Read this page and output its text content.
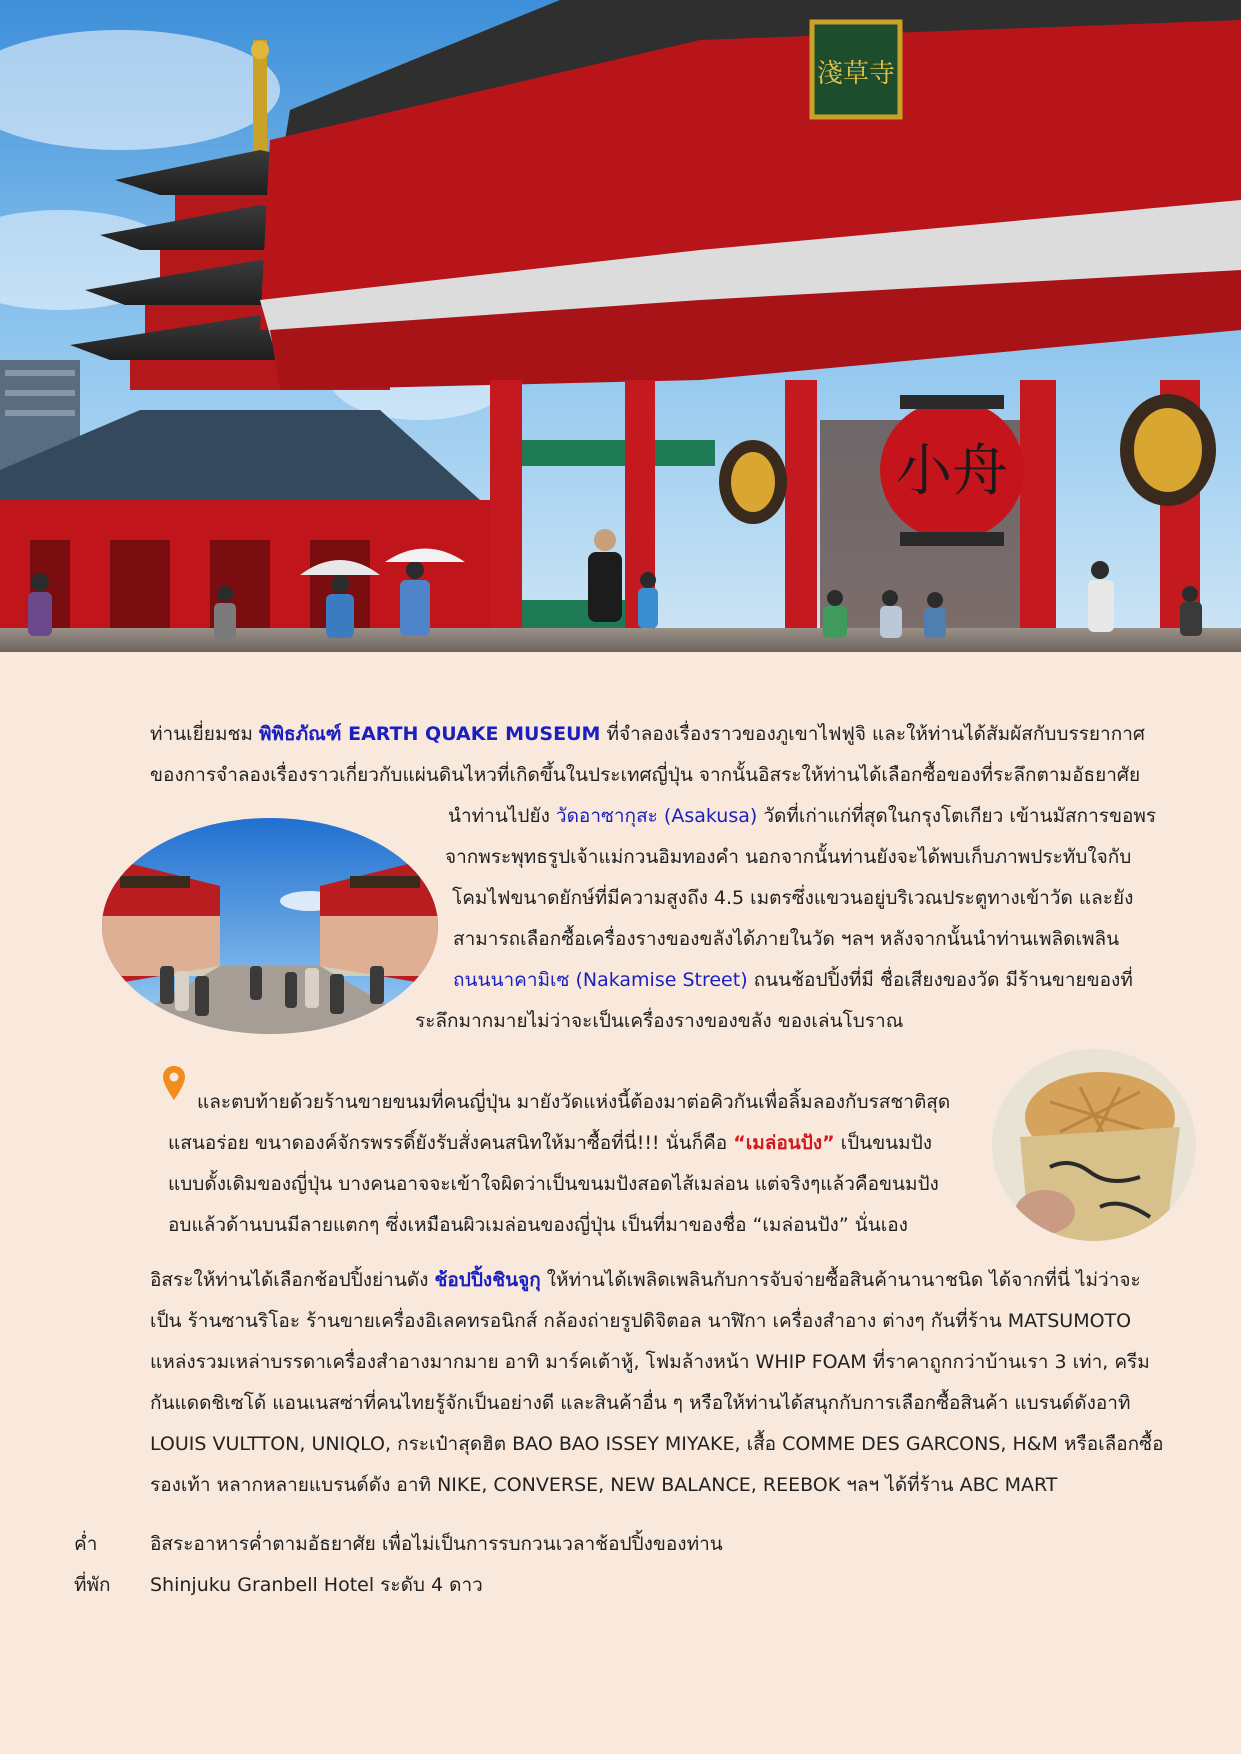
淺草寺
小舟

ท่านเยี่ยมชม พิพิธภัณฑ์ EARTH QUAKE MUSEUM ที่จำลองเรื่องราวของภูเขาไฟฟูจิ และให้ท่านได้สัมผัสกับบรรยากาศ
ของการจำลองเรื่องราวเกี่ยวกับแผ่นดินไหวที่เกิดขึ้นในประเทศญี่ปุ่น จากนั้นอิสระให้ท่านได้เลือกซื้อของที่ระลึกตามอัธยาศัย

นำท่านไปยัง วัดอาซากุสะ (Asakusa) วัดที่เก่าแก่ที่สุดในกรุงโตเกียว เข้านมัสการขอพร
จากพระพุทธรูปเจ้าแม่กวนอิมทองคำ นอกจากนั้นท่านยังจะได้พบเก็บภาพประทับใจกับ
โคมไฟขนาดยักษ์ที่มีความสูงถึง 4.5 เมตรซึ่งแขวนอยู่บริเวณประตูทางเข้าวัด และยัง
สามารถเลือกซื้อเครื่องรางของขลังได้ภายในวัด ฯลฯ หลังจากนั้นนำท่านเพลิดเพลิน
ถนนนาคามิเซ (Nakamise Street) ถนนช้อปปิ้งที่มี ชื่อเสียงของวัด มีร้านขายของที่
ระลึกมากมายไม่ว่าจะเป็นเครื่องรางของขลัง ของเล่นโบราณ
และตบท้ายด้วยร้านขายขนมที่คนญี่ปุ่น มายังวัดแห่งนี้ต้องมาต่อคิวกันเพื่อลิ้มลองกับรสชาติสุด
แสนอร่อย ขนาดองค์จักรพรรดิ์ยังรับสั่งคนสนิทให้มาซื้อที่นี่!!! นั่นก็คือ “เมล่อนปัง” เป็นขนมปัง
แบบดั้งเดิมของญี่ปุ่น บางคนอาจจะเข้าใจผิดว่าเป็นขนมปังสอดไส้เมล่อน แต่จริงๆแล้วคือขนมปัง
อบแล้วด้านบนมีลายแตกๆ ซึ่งเหมือนผิวเมล่อนของญี่ปุ่น เป็นที่มาของชื่อ “เมล่อนปัง” นั่นเอง
อิสระให้ท่านได้เลือกช้อปปิ้งย่านดัง ช้อปปิ้งชินจูกุ ให้ท่านได้เพลิดเพลินกับการจับจ่ายซื้อสินค้านานาชนิด ได้จากที่นี่ ไม่ว่าจะ
เป็น ร้านซานริโอะ ร้านขายเครื่องอิเลคทรอนิกส์ กล้องถ่ายรูปดิจิตอล นาฬิกา เครื่องสำอาง ต่างๆ กันที่ร้าน MATSUMOTO
แหล่งรวมเหล่าบรรดาเครื่องสำอางมากมาย อาทิ มาร์คเต้าหู้, โฟมล้างหน้า WHIP FOAM ที่ราคาถูกกว่าบ้านเรา 3 เท่า, ครีม
กันแดดชิเซโด้ แอนเนสซ่าที่คนไทยรู้จักเป็นอย่างดี และสินค้าอื่น ๆ หรือให้ท่านได้สนุกกับการเลือกซื้อสินค้า แบรนด์ดังอาทิ
LOUIS VULTTON, UNIQLO, กระเป๋าสุดฮิต BAO BAO ISSEY MIYAKE, เสื้อ COMME DES GARCONS, H&M หรือเลือกซื้อ
รองเท้า หลากหลายแบรนด์ดัง อาทิ NIKE, CONVERSE, NEW BALANCE, REEBOK ฯลฯ ได้ที่ร้าน ABC MART
ค่ำ	อิสระอาหารค่ำตามอัธยาศัย เพื่อไม่เป็นการรบกวนเวลาช้อปปิ้งของท่าน
ที่พัก Shinjuku Granbell Hotel ระดับ 4 ดาว
